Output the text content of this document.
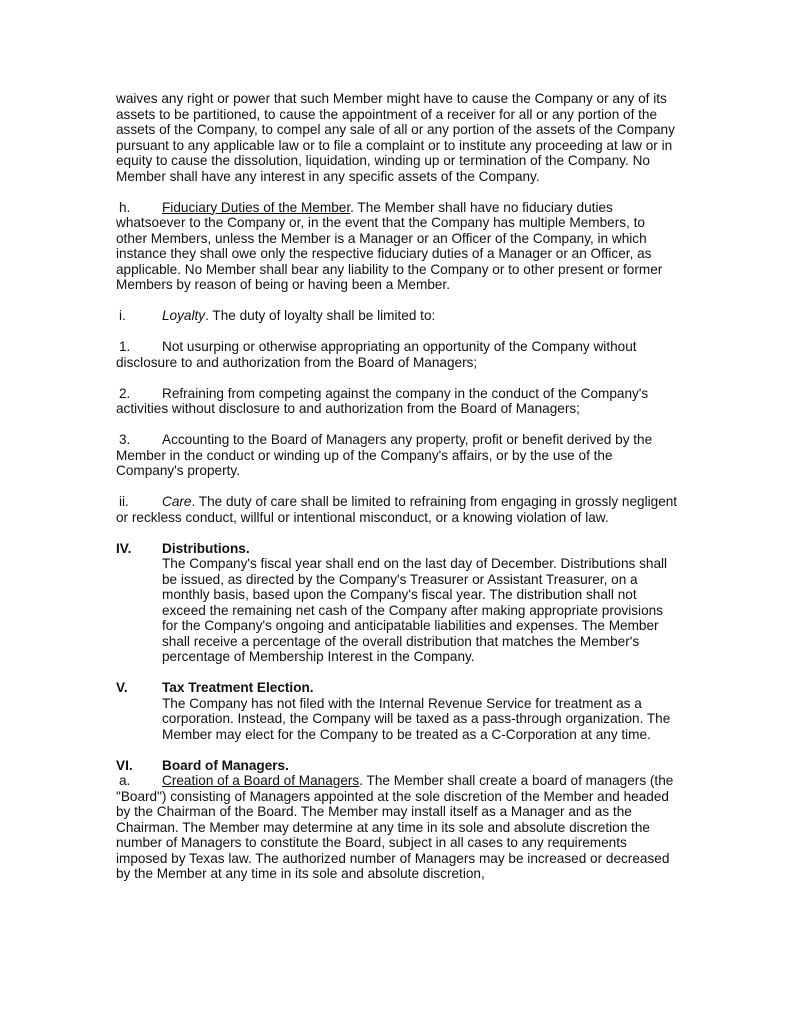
waives any right or power that such Member might have to cause the Company or any of its assets to be partitioned, to cause the appointment of a receiver for all or any portion of the assets of the Company, to compel any sale of all or any portion of the assets of the Company pursuant to any applicable law or to file a complaint or to institute any proceeding at law or in equity to cause the dissolution, liquidation, winding up or termination of the Company. No Member shall have any interest in any specific assets of the Company.

h. Fiduciary Duties of the Member. The Member shall have no fiduciary duties whatsoever to the Company or, in the event that the Company has multiple Members, to other Members, unless the Member is a Manager or an Officer of the Company, in which instance they shall owe only the respective fiduciary duties of a Manager or an Officer, as applicable. No Member shall bear any liability to the Company or to other present or former Members by reason of being or having been a Member.

i.	Loyalty. The duty of loyalty shall be limited to:

1. Not usurping or otherwise appropriating an opportunity of the Company without disclosure to and authorization from the Board of Managers;

2. Refraining from competing against the company in the conduct of the Company's activities without disclosure to and authorization from the Board of Managers;

3. Accounting to the Board of Managers any property, profit or benefit derived by the Member in the conduct or winding up of the Company's affairs, or by the use of the Company's property.

ii. Care. The duty of care shall be limited to refraining from engaging in grossly negligent or reckless conduct, willful or intentional misconduct, or a knowing violation of law.

IV.	Distributions.
The Company's fiscal year shall end on the last day of December. Distributions shall be issued, as directed by the Company's Treasurer or Assistant Treasurer, on a monthly basis, based upon the Company's fiscal year. The distribution shall not exceed the remaining net cash of the Company after making appropriate provisions for the Company's ongoing and anticipatable liabilities and expenses. The Member shall receive a percentage of the overall distribution that matches the Member's percentage of Membership Interest in the Company.
V.	Tax Treatment Election.
The Company has not filed with the Internal Revenue Service for treatment as a corporation. Instead, the Company will be taxed as a pass-through organization. The Member may elect for the Company to be treated as a C-Corporation at any time.
VI.	Board of Managers.

a. Creation of a Board of Managers. The Member shall create a board of managers (the "Board") consisting of Managers appointed at the sole discretion of the Member and headed by the Chairman of the Board. The Member may install itself as a Manager and as the Chairman. The Member may determine at any time in its sole and absolute discretion the number of Managers to constitute the Board, subject in all cases to any requirements imposed by Texas law. The authorized number of Managers may be increased or decreased by the Member at any time in its sole and absolute discretion,
